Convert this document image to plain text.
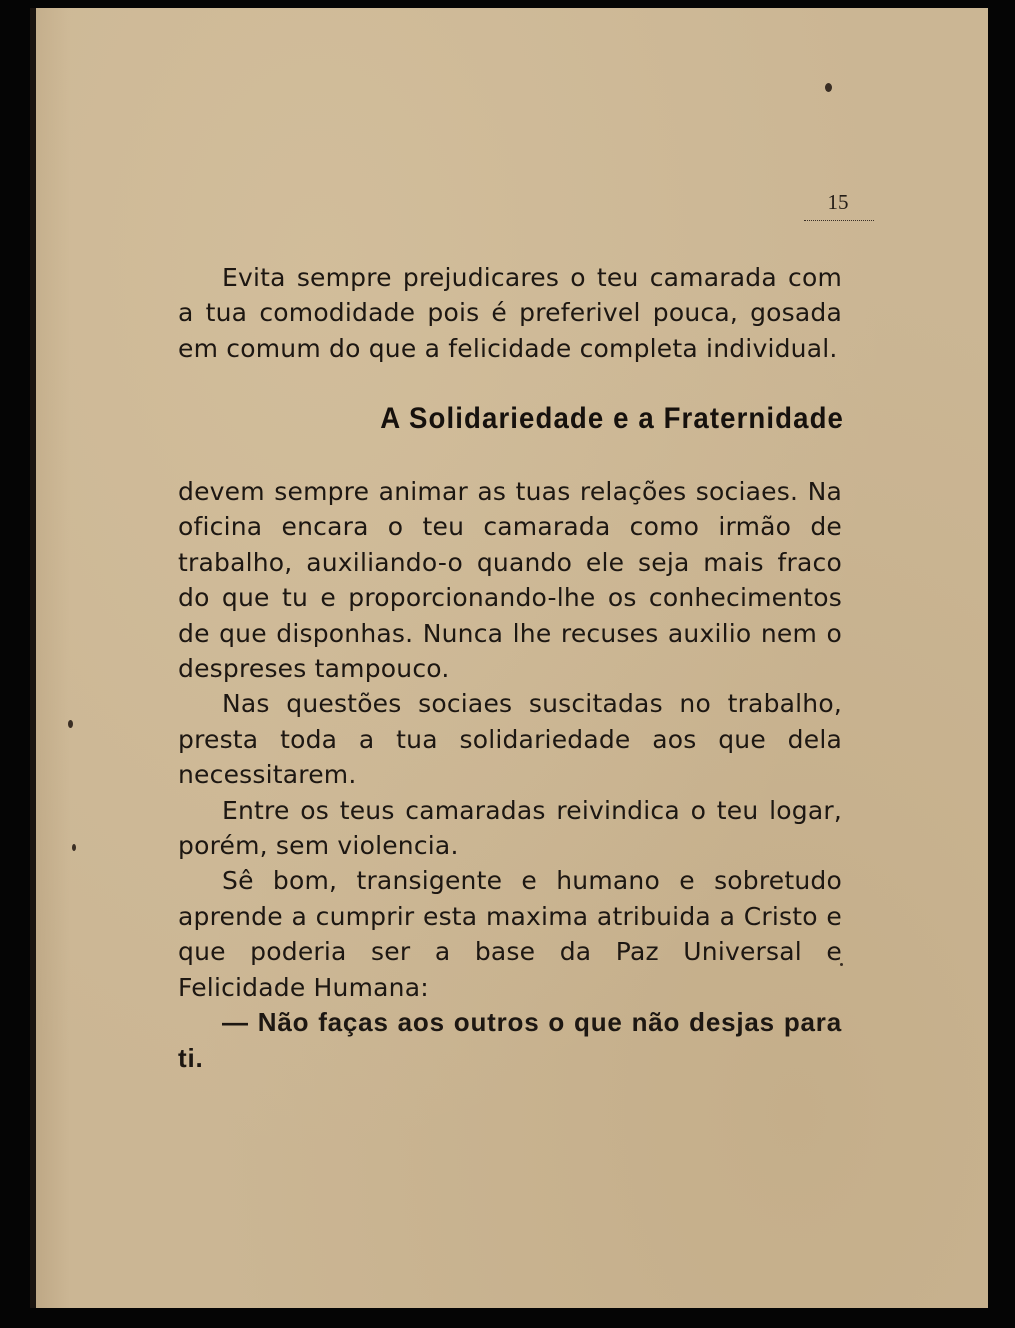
15

Evita sempre prejudicares o teu camarada com a tua comodidade pois é preferivel pouca, gosada em comum do que a felicidade completa individual.

A Solidariedade e a Fraternidade

devem sempre animar as tuas relações sociaes. Na oficina encara o teu camarada como irmão de trabalho, auxiliando-o quando ele seja mais fraco do que tu e proporcionando-lhe os conhecimentos de que disponhas. Nunca lhe recuses auxilio nem o despreses tampouco.

Nas questões sociaes suscitadas no trabalho, presta toda a tua solidariedade aos que dela necessitarem.

Entre os teus camaradas reivindica o teu logar, porém, sem violencia.

Sê bom, transigente e humano e sobretudo aprende a cumprir esta maxima atribuida a Cristo e que poderia ser a base da Paz Universal e Felicidade Humana:

— Não faças aos outros o que não desjas para ti.
